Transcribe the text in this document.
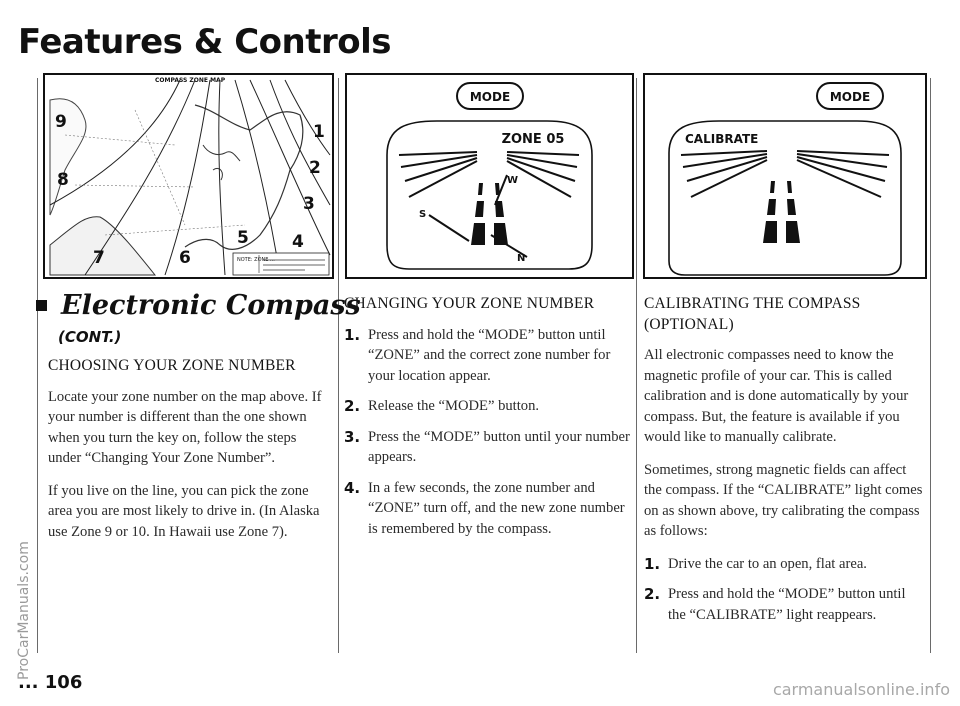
Features & Controls
COMPASS ZONE MAP
NOTE: ZONE ...
9
8
7	6
5	4
3
2
1
MODE
ZONE 05
S
W
N
MODE
CALIBRATE
Electronic Compass
(CONT.)
CHOOSING YOUR ZONE NUMBER

Locate your zone number on the map above. If your number is different than the one shown when you turn the key on, follow the steps under “Changing Your Zone Number”.

If you live on the line, you can pick the zone area you are most likely to drive in. (In Alaska use Zone 9 or 10. In Hawaii use Zone 7).

CHANGING YOUR ZONE NUMBER
1. Press and hold the “MODE” button until “ZONE” and the correct zone number for your location appear.
2. Release the “MODE” button.
3. Press the “MODE” button until your number appears.
4. In a few seconds, the zone number and “ZONE” turn off, and the new zone number is remembered by the compass.
CALIBRATING THE COMPASS (OPTIONAL)

All electronic compasses need to know the magnetic profile of your car. This is called calibration and is done automatically by your compass. But, the feature is available if you would like to manually calibrate.

Sometimes, strong magnetic fields can affect the compass. If the “CALIBRATE” light comes on as shown above, try calibrating the compass as follows:

1. Drive the car to an open, flat area.
2. Press and hold the “MODE” button until the “CALIBRATE” light reappears.
... 106
ProCarManuals.com
carmanualsonline.info
